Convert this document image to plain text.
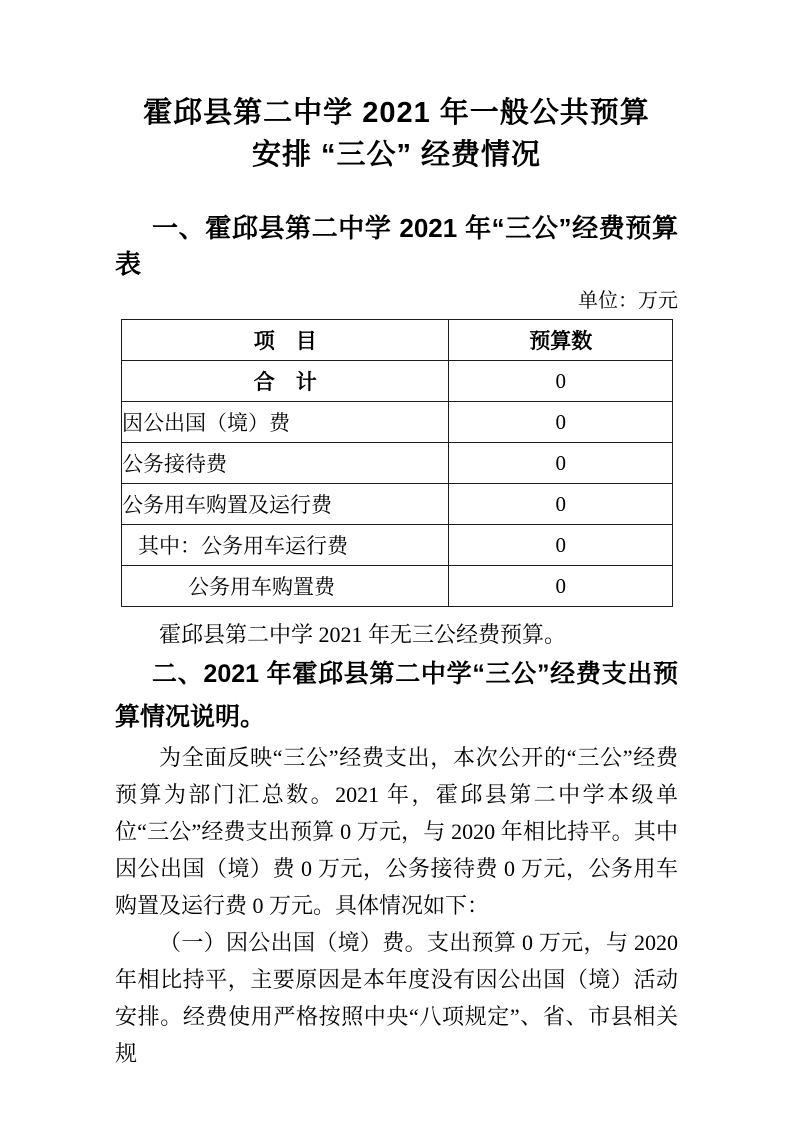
霍邱县第二中学 2021 年一般公共预算
安排 “三公” 经费情况

一、霍邱县第二中学 2021 年“三公”经费预算表

单位：万元
项　目	预算数
合　计	0
因公出国（境）费	0
公务接待费	0
公务用车购置及运行费	0
其中：公务用车运行费	0
公务用车购置费	0

霍邱县第二中学 2021 年无三公经费预算。

二、2021 年霍邱县第二中学“三公”经费支出预算情况说明。

为全面反映“三公”经费支出，本次公开的“三公”经费预算为部门汇总数。2021 年，霍邱县第二中学本级单位“三公”经费支出预算 0 万元，与 2020 年相比持平。其中因公出国（境）费 0 万元，公务接待费 0 万元，公务用车购置及运行费 0 万元。具体情况如下：

（一）因公出国（境）费。支出预算 0 万元，与 2020 年相比持平，主要原因是本年度没有因公出国（境）活动安排。经费使用严格按照中央“八项规定”、省、市县相关规
